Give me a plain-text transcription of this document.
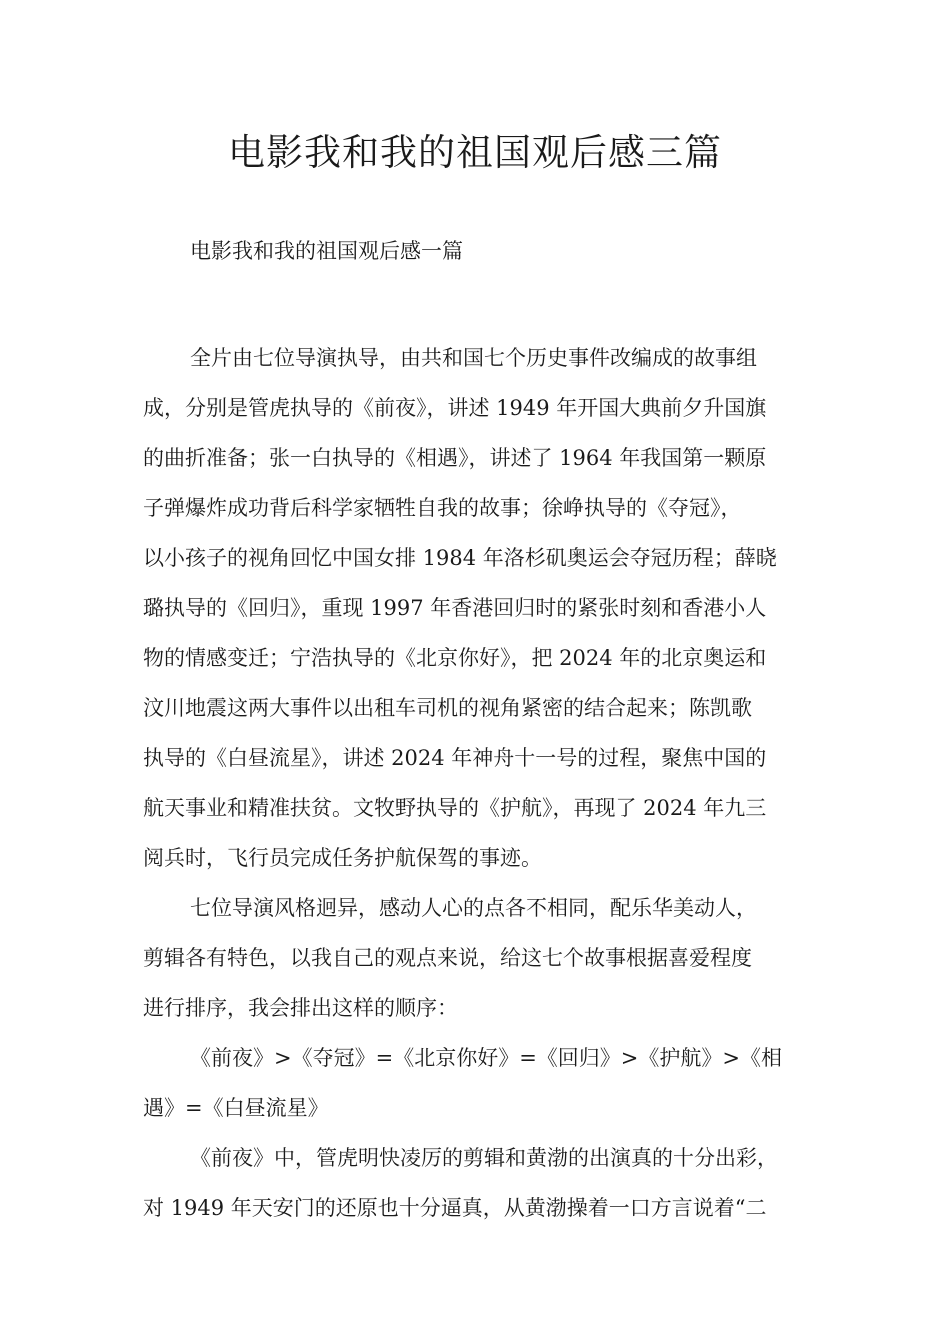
电影我和我的祖国观后感三篇

电影我和我的祖国观后感一篇

全片由七位导演执导，由共和国七个历史事件改编成的故事组
成，分别是管虎执导的《前夜》，讲述 1949 年开国大典前夕升国旗
的曲折准备；张一白执导的《相遇》，讲述了 1964 年我国第一颗原
子弹爆炸成功背后科学家牺牲自我的故事；徐峥执导的《夺冠》，
以小孩子的视角回忆中国女排 1984 年洛杉矶奥运会夺冠历程；薛晓
璐执导的《回归》，重现 1997 年香港回归时的紧张时刻和香港小人
物的情感变迁；宁浩执导的《北京你好》，把 2024 年的北京奥运和
汶川地震这两大事件以出租车司机的视角紧密的结合起来；陈凯歌
执导的《白昼流星》，讲述 2024 年神舟十一号的过程，聚焦中国的
航天事业和精准扶贫。文牧野执导的《护航》，再现了 2024 年九三
阅兵时，飞行员完成任务护航保驾的事迹。

七位导演风格迥异，感动人心的点各不相同，配乐华美动人，
剪辑各有特色，以我自己的观点来说，给这七个故事根据喜爱程度
进行排序，我会排出这样的顺序：

《前夜》>《夺冠》=《北京你好》=《回归》>《护航》>《相
遇》=《白昼流星》

《前夜》中，管虎明快凌厉的剪辑和黄渤的出演真的十分出彩，
对 1949 年天安门的还原也十分逼真，从黄渤操着一口方言说着“二
